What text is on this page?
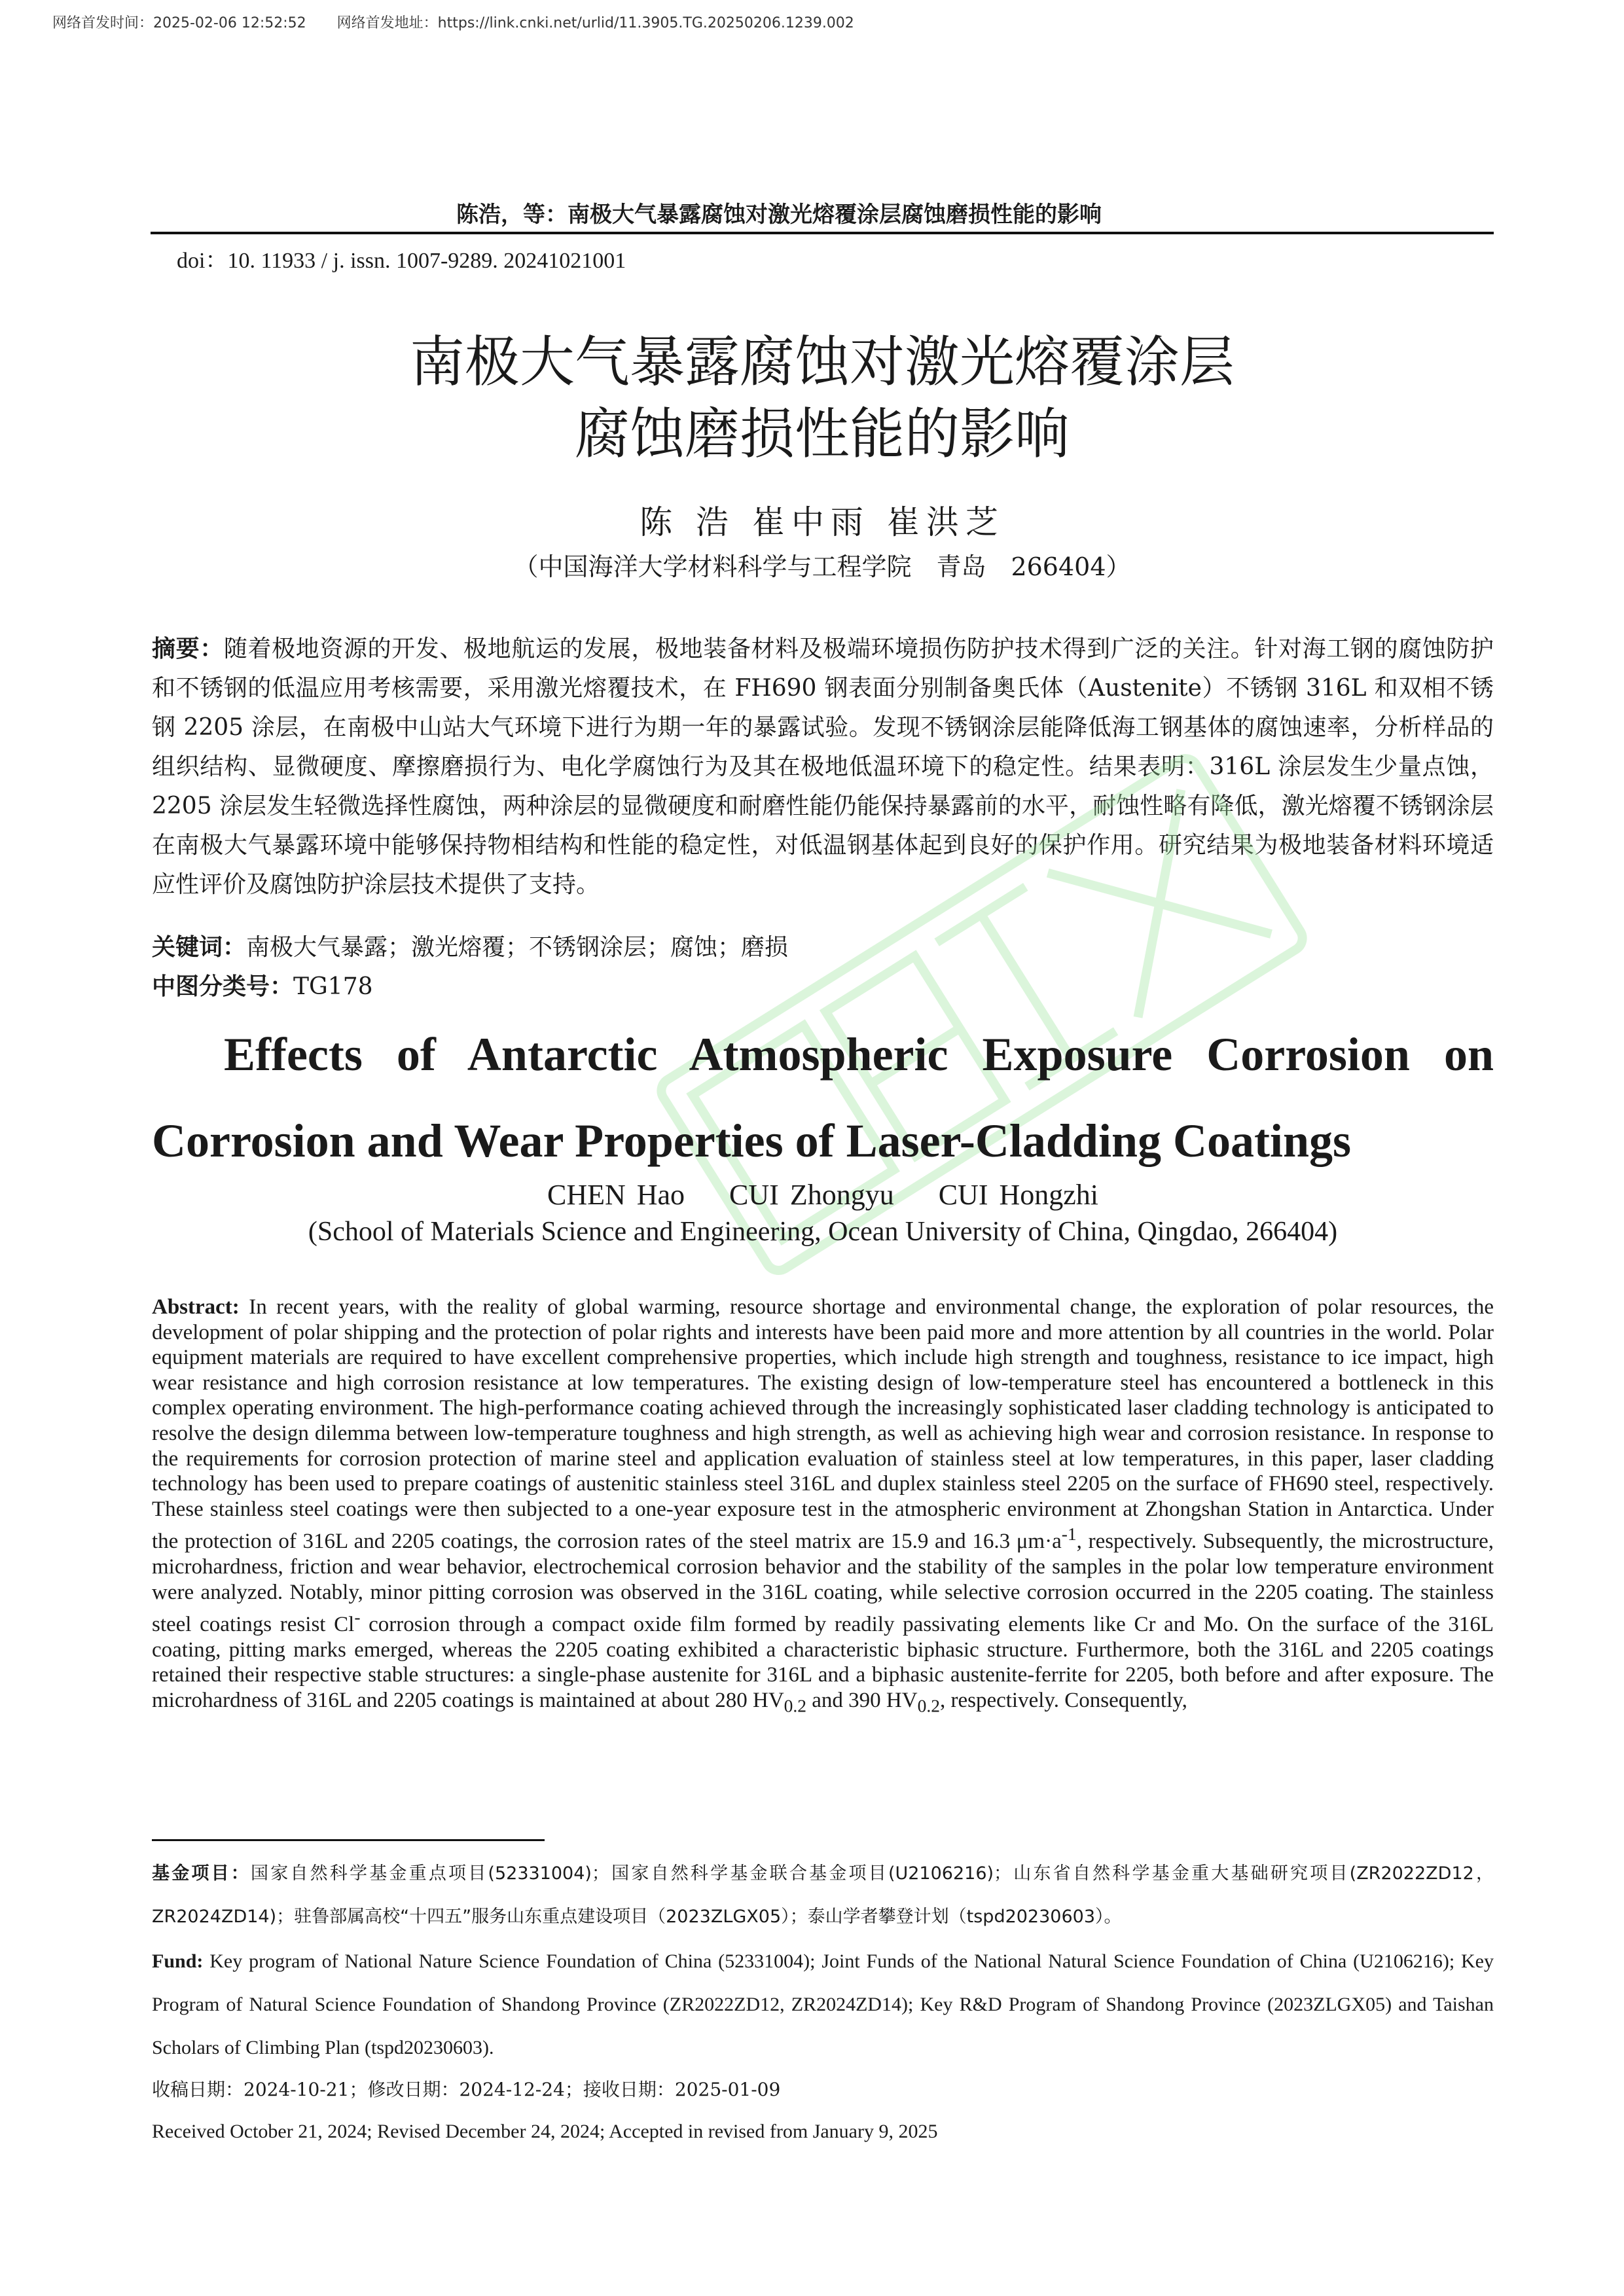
网络首发时间：2025-02-06 12:52:52 网络首发地址：https://link.cnki.net/urlid/11.3905.TG.20250206.1239.002
陈浩，等：南极大气暴露腐蚀对激光熔覆涂层腐蚀磨损性能的影响
doi：10. 11933 / j. issn. 1007-9289. 20241021001
南极大气暴露腐蚀对激光熔覆涂层
腐蚀磨损性能的影响
陈 浩 崔中雨 崔洪芝
（中国海洋大学材料科学与工程学院　青岛　266404）
摘要：随着极地资源的开发、极地航运的发展，极地装备材料及极端环境损伤防护技术得到广泛的关注。针对海工钢的腐蚀防护和不锈钢的低温应用考核需要，采用激光熔覆技术，在 FH690 钢表面分别制备奥氏体（Austenite）不锈钢 316L 和双相不锈钢 2205 涂层，在南极中山站大气环境下进行为期一年的暴露试验。发现不锈钢涂层能降低海工钢基体的腐蚀速率，分析样品的组织结构、显微硬度、摩擦磨损行为、电化学腐蚀行为及其在极地低温环境下的稳定性。结果表明：316L 涂层发生少量点蚀，2205 涂层发生轻微选择性腐蚀，两种涂层的显微硬度和耐磨性能仍能保持暴露前的水平，耐蚀性略有降低，激光熔覆不锈钢涂层在南极大气暴露环境中能够保持物相结构和性能的稳定性，对低温钢基体起到良好的保护作用。研究结果为极地装备材料环境适应性评价及腐蚀防护涂层技术提供了支持。
关键词：南极大气暴露；激光熔覆；不锈钢涂层；腐蚀；磨损
中图分类号：TG178
Effects of Antarctic Atmospheric Exposure Corrosion on
Corrosion and Wear Properties of Laser-Cladding Coatings
CHEN Hao    CUI Zhongyu    CUI Hongzhi
(School of Materials Science and Engineering, Ocean University of China, Qingdao, 266404)
Abstract: In recent years, with the reality of global warming, resource shortage and environmental change, the exploration of polar resources, the development of polar shipping and the protection of polar rights and interests have been paid more and more attention by all countries in the world. Polar equipment materials are required to have excellent comprehensive properties, which include high strength and toughness, resistance to ice impact, high wear resistance and high corrosion resistance at low temperatures. The existing design of low-temperature steel has encountered a bottleneck in this complex operating environment. The high-performance coating achieved through the increasingly sophisticated laser cladding technology is anticipated to resolve the design dilemma between low-temperature toughness and high strength, as well as achieving high wear and corrosion resistance. In response to the requirements for corrosion protection of marine steel and application evaluation of stainless steel at low temperatures, in this paper, laser cladding technology has been used to prepare coatings of austenitic stainless steel 316L and duplex stainless steel 2205 on the surface of FH690 steel, respectively. These stainless steel coatings were then subjected to a one-year exposure test in the atmospheric environment at Zhongshan Station in Antarctica. Under the protection of 316L and 2205 coatings, the corrosion rates of the steel matrix are 15.9 and 16.3 $\mu m\cdot a^{-1}$, respectively. Subsequently, the microstructure, microhardness, friction and wear behavior, electrochemical corrosion behavior and the stability of the samples in the polar low temperature environment were analyzed. Notably, minor pitting corrosion was observed in the 316L coating, while selective corrosion occurred in the 2205 coating. The stainless steel coatings resist Cl- corrosion through a compact oxide film formed by readily passivating elements like Cr and Mo. On the surface of the 316L coating, pitting marks emerged, whereas the 2205 coating exhibited a characteristic biphasic structure. Furthermore, both the 316L and 2205 coatings retained their respective stable structures: a single-phase austenite for 316L and a biphasic austenite-ferrite for 2205, both before and after exposure. The microhardness of 316L and 2205 coatings is maintained at about 280 $HV_{0.2}$ and 390 $HV_{0.2}$, respectively. Consequently,
基金项目：国家自然科学基金重点项目(52331004)；国家自然科学基金联合基金项目(U2106216)；山东省自然科学基金重大基础研究项目(ZR2022ZD12，ZR2024ZD14)；驻鲁部属高校“十四五”服务山东重点建设项目（2023ZLGX05）；泰山学者攀登计划（tspd20230603）。
Fund: Key program of National Nature Science Foundation of China (52331004); Joint Funds of the National Natural Science Foundation of China (U2106216); Key Program of Natural Science Foundation of Shandong Province (ZR2022ZD12, ZR2024ZD14); Key R&D Program of Shandong Province (2023ZLGX05) and Taishan Scholars of Climbing Plan (tspd20230603).
收稿日期：2024-10-21；修改日期：2024-12-24；接收日期：2025-01-09
Received October 21, 2024; Revised December 24, 2024; Accepted in revised from January 9, 2025
